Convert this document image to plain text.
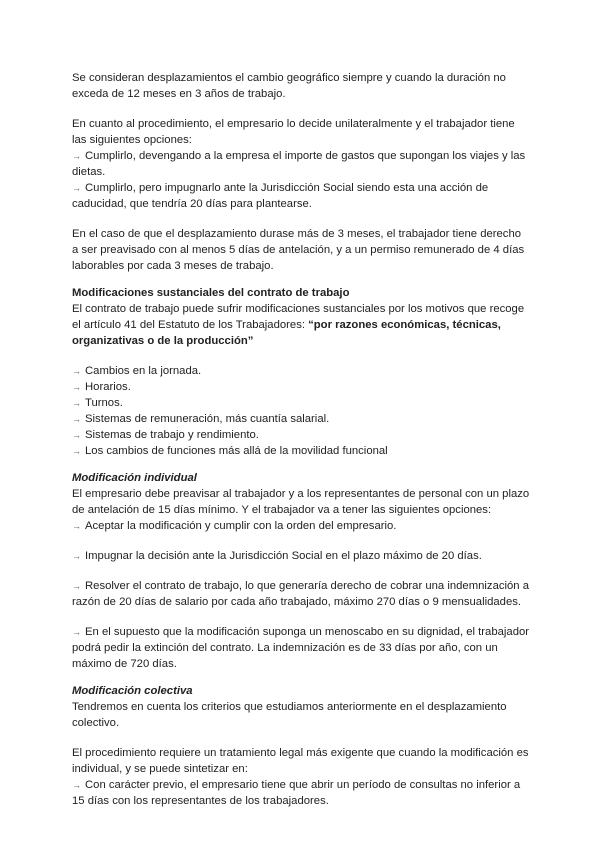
Se consideran desplazamientos el cambio geográfico siempre y cuando la duración no exceda de 12 meses en 3 años de trabajo.

En cuanto al procedimiento, el empresario lo decide unilateralmente y el trabajador tiene las siguientes opciones:

→ Cumplirlo, devengando a la empresa el importe de gastos que supongan los viajes y las dietas.

→ Cumplirlo, pero impugnarlo ante la Jurisdicción Social siendo esta una acción de caducidad, que tendría 20 días para plantearse.

En el caso de que el desplazamiento durase más de 3 meses, el trabajador tiene derecho a ser preavisado con al menos 5 días de antelación, y a un permiso remunerado de 4 días laborables por cada 3 meses de trabajo.

Modificaciones sustanciales del contrato de trabajo

El contrato de trabajo puede sufrir modificaciones sustanciales por los motivos que recoge el artículo 41 del Estatuto de los Trabajadores: “por razones económicas, técnicas, organizativas o de la producción”

→ Cambios en la jornada.

→ Horarios.

→ Turnos.

→ Sistemas de remuneración, más cuantía salarial.

→ Sistemas de trabajo y rendimiento.

→ Los cambios de funciones más allá de la movilidad funcional

Modificación individual

El empresario debe preavisar al trabajador y a los representantes de personal con un plazo de antelación de 15 días mínimo. Y el trabajador va a tener las siguientes opciones:

→ Aceptar la modificación y cumplir con la orden del empresario.

→ Impugnar la decisión ante la Jurisdicción Social en el plazo máximo de 20 días.

→ Resolver el contrato de trabajo, lo que generaría derecho de cobrar una indemnización a razón de 20 días de salario por cada año trabajado, máximo 270 días o 9 mensualidades.

→ En el supuesto que la modificación suponga un menoscabo en su dignidad, el trabajador podrá pedir la extinción del contrato. La indemnización es de 33 días por año, con un máximo de 720 días.

Modificación colectiva

Tendremos en cuenta los criterios que estudiamos anteriormente en el desplazamiento colectivo.

El procedimiento requiere un tratamiento legal más exigente que cuando la modificación es individual, y se puede sintetizar en:

→ Con carácter previo, el empresario tiene que abrir un período de consultas no inferior a 15 días con los representantes de los trabajadores.
